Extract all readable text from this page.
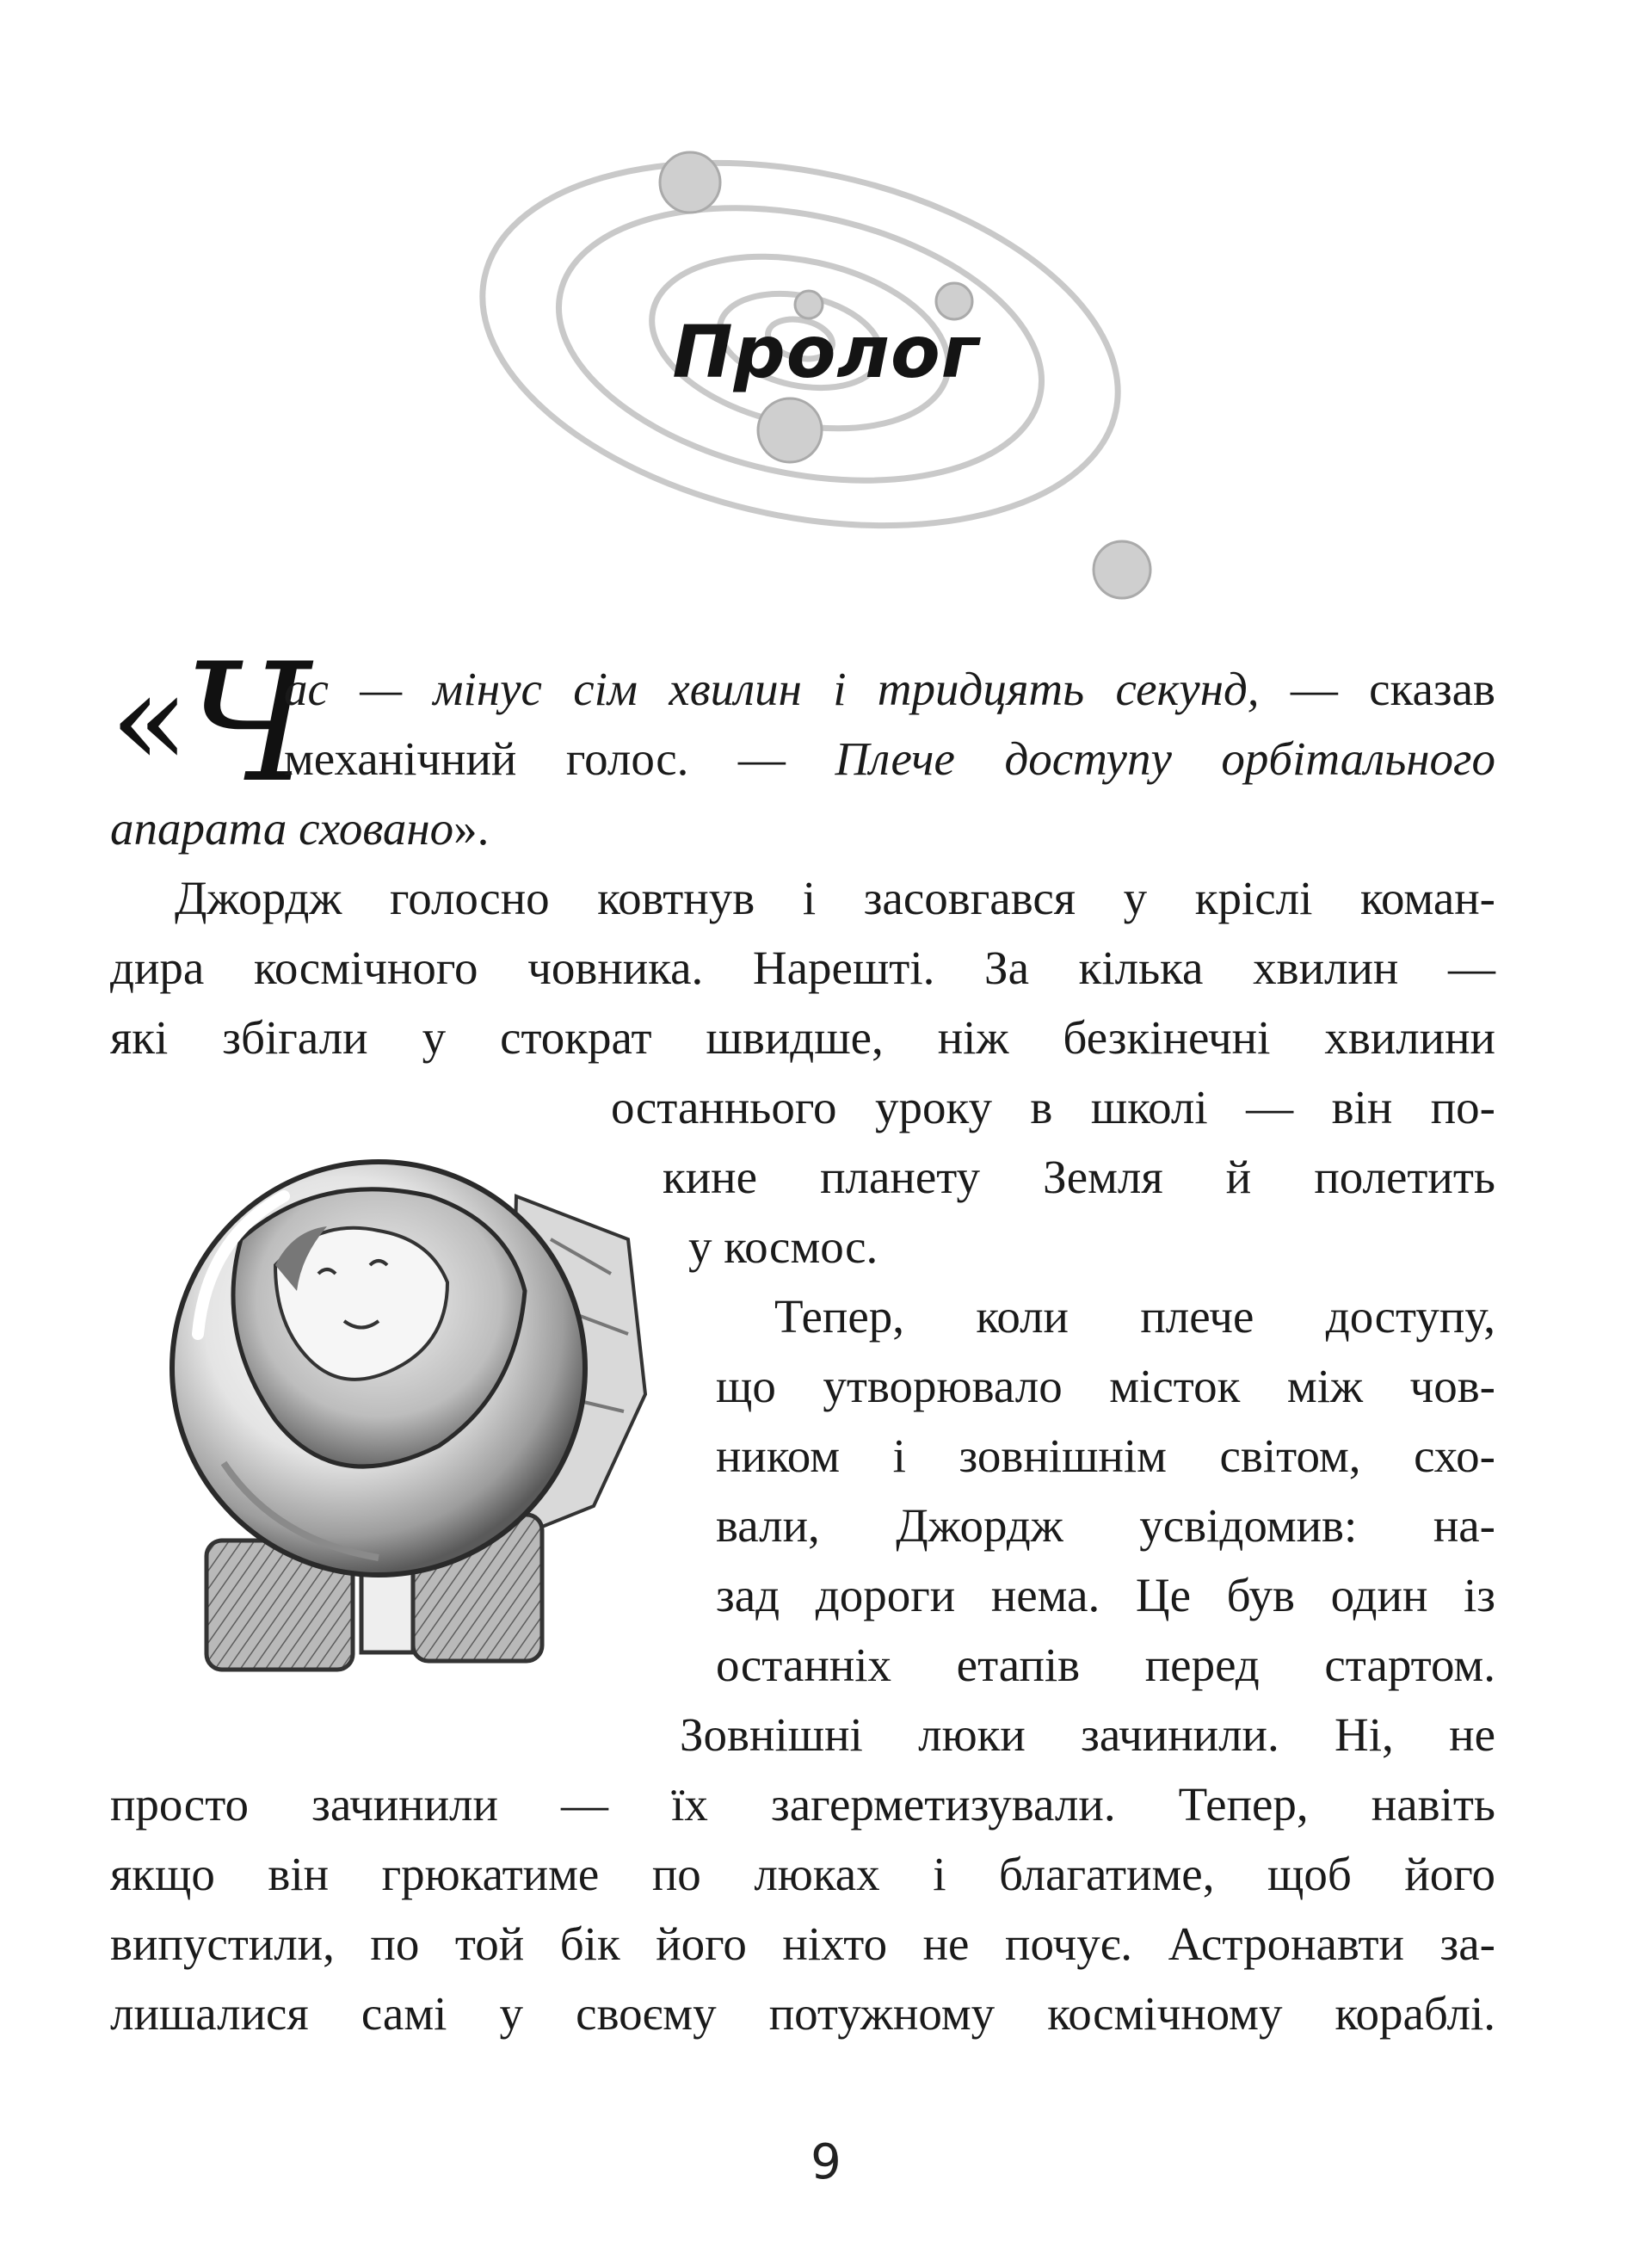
Пролог
«Ч
ас — мінус сім хвилин і тридцять секунд, — сказав
механічний голос. — Плече доступу орбітального
апарата сховано».
Джордж голосно ковтнув і засовгався у кріслі коман-
дира космічного човника. Нарешті. За кілька хвилин —
які збігали у стократ швидше, ніж безкінечні хвилини
останнього уроку в школі — він по-
кине планету Земля й полетить
у космос.
Тепер, коли плече доступу,
що утворювало місток між чов-
ником і зовнішнім світом, схо-
вали, Джордж усвідомив: на-
зад дороги нема. Це був один із
останніх етапів перед стартом.
Зовнішні люки зачинили. Ні, не
просто зачинили — їх загерметизували. Тепер, навіть
якщо він грюкатиме по люках і благатиме, щоб його
випустили, по той бік його ніхто не почує. Астронавти за-
лишалися самі у своєму потужному космічному кораблі.
9
